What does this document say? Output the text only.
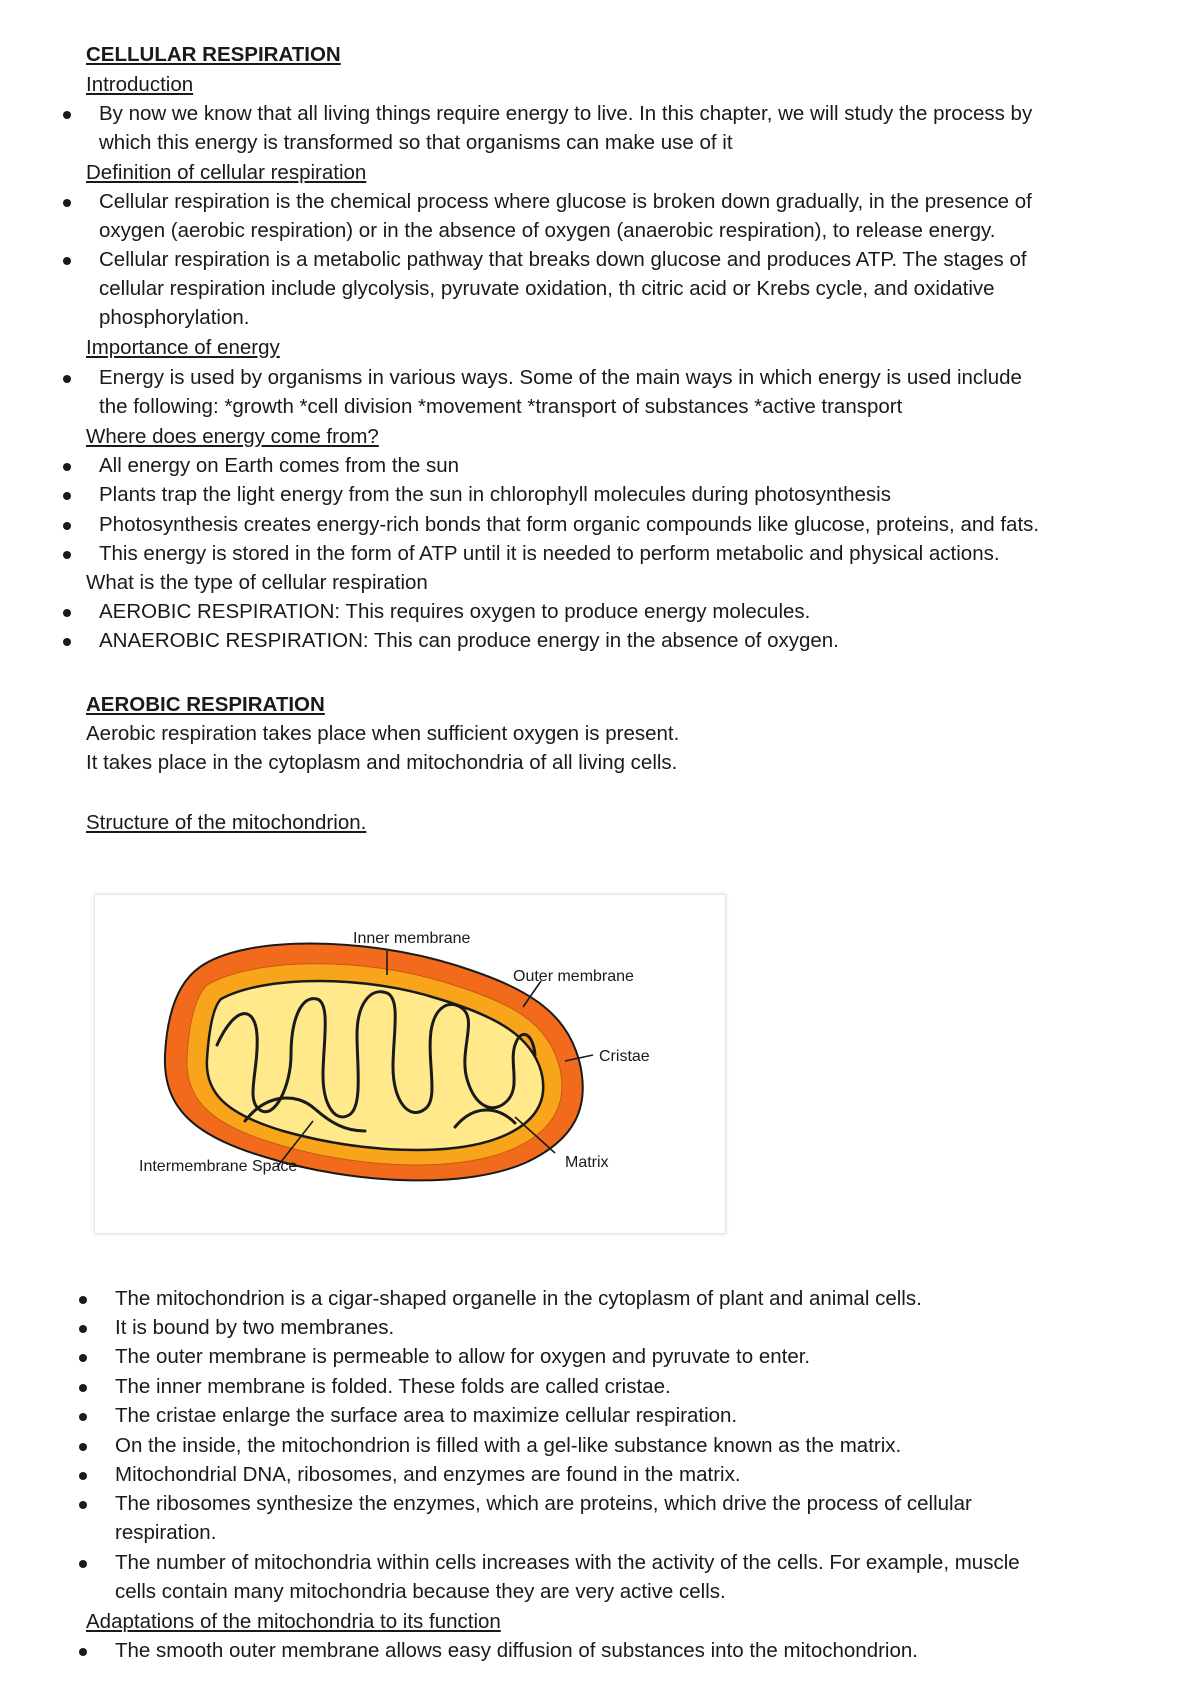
CELLULAR RESPIRATION
Introduction
By now we know that all living things require energy to live. In this chapter, we will study the process by
which this energy is transformed so that organisms can make use of it
Definition of cellular respiration
Cellular respiration is the chemical process where glucose is broken down gradually, in the presence of
oxygen (aerobic respiration) or in the absence of oxygen (anaerobic respiration), to release energy.
Cellular respiration is a metabolic pathway that breaks down glucose and produces ATP. The stages of
cellular respiration include glycolysis, pyruvate oxidation, th citric acid or Krebs cycle, and oxidative
phosphorylation.
Importance of energy
Energy is used by organisms in various ways. Some of the main ways in which energy is used include
the following: *growth *cell division *movement *transport of substances *active transport
Where does energy come from?
All energy on Earth comes from the sun
Plants trap the light energy from the sun in chlorophyll molecules during photosynthesis
Photosynthesis creates energy-rich bonds that form organic compounds like glucose, proteins, and fats.
This energy is stored in the form of ATP until it is needed to perform metabolic and physical actions.
What is the type of cellular respiration
AEROBIC RESPIRATION: This requires oxygen to produce energy molecules.
ANAEROBIC RESPIRATION: This can produce energy in the absence of oxygen.
AEROBIC RESPIRATION
Aerobic respiration takes place when sufficient oxygen is present.
It takes place in the cytoplasm and mitochondria of all living cells.
Structure of the mitochondrion.
Inner membrane
Outer membrane
Cristae
Matrix
Intermembrane Space
The mitochondrion is a cigar-shaped organelle in the cytoplasm of plant and animal cells.
It is bound by two membranes.
The outer membrane is permeable to allow for oxygen and pyruvate to enter.
The inner membrane is folded. These folds are called cristae.
The cristae enlarge the surface area to maximize cellular respiration.
On the inside, the mitochondrion is filled with a gel-like substance known as the matrix.
Mitochondrial DNA, ribosomes, and enzymes are found in the matrix.
The ribosomes synthesize the enzymes, which are proteins, which drive the process of cellular
respiration.
The number of mitochondria within cells increases with the activity of the cells. For example, muscle
cells contain many mitochondria because they are very active cells.
Adaptations of the mitochondria to its function
The smooth outer membrane allows easy diffusion of substances into the mitochondrion.
